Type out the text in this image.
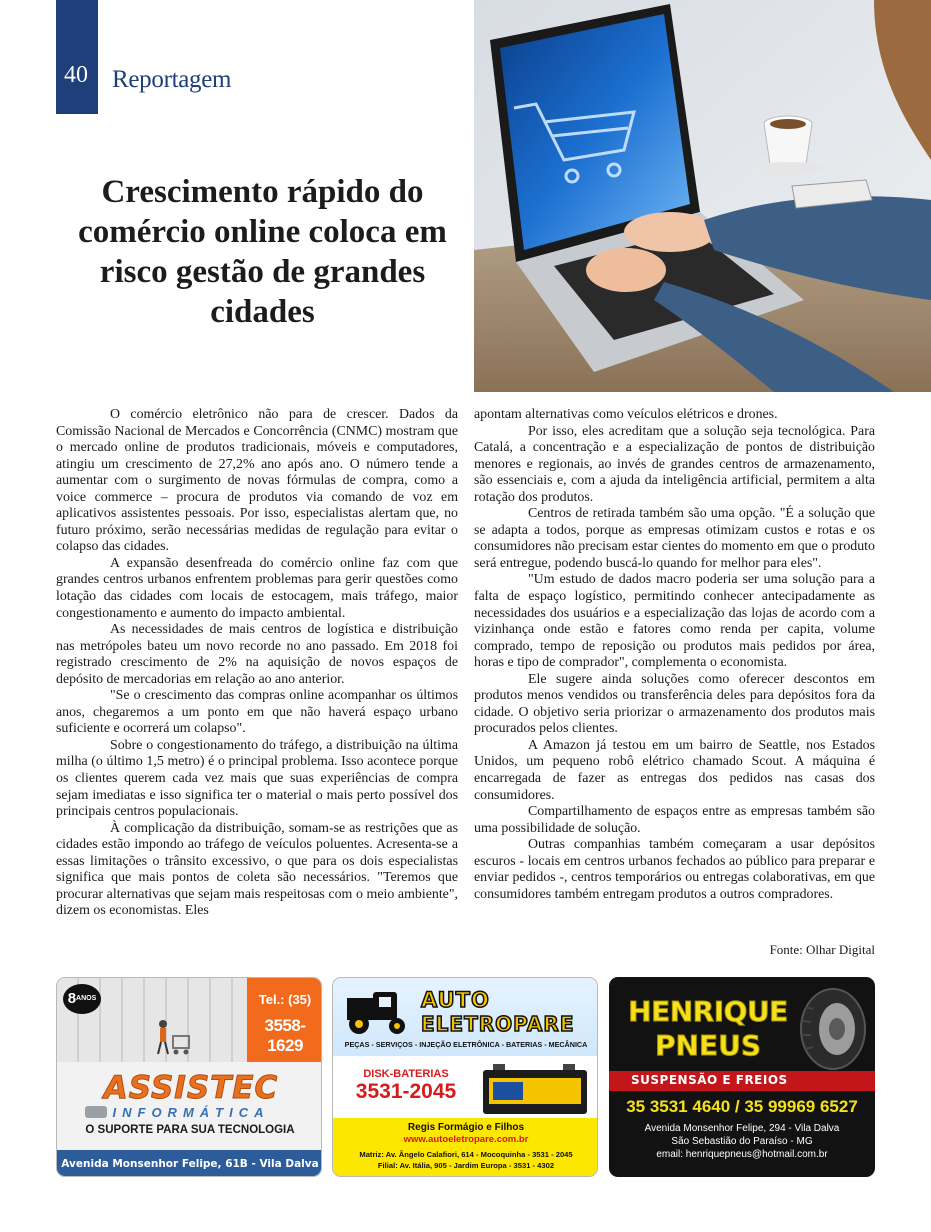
40 Reportagem
Crescimento rápido do comércio online coloca em risco gestão de grandes cidades

O comércio eletrônico não para de crescer. Dados da Comissão Nacional de Mercados e Concorrência (CNMC) mostram que o mercado online de produtos tradicionais, móveis e computadores, atingiu um crescimento de 27,2% ano após ano. O número tende a aumentar com o surgimento de novas fórmulas de compra, como a voice commerce – procura de produtos via comando de voz em aplicativos assistentes pessoais. Por isso, especialistas alertam que, no futuro próximo, serão necessárias medidas de regulação para evitar o colapso das cidades.

A expansão desenfreada do comércio online faz com que grandes centros urbanos enfrentem problemas para gerir questões como lotação das cidades com locais de estocagem, mais tráfego, maior congestionamento e aumento do impacto ambiental.

As necessidades de mais centros de logística e distribuição nas metrópoles bateu um novo recorde no ano passado. Em 2018 foi registrado crescimento de 2% na aquisição de novos espaços de depósito de mercadorias em relação ao ano anterior.

"Se o crescimento das compras online acompanhar os últimos anos, chegaremos a um ponto em que não haverá espaço urbano suficiente e ocorrerá um colapso".

Sobre o congestionamento do tráfego, a distribuição na última milha (o último 1,5 metro) é o principal problema. Isso acontece porque os clientes querem cada vez mais que suas experiências de compra sejam imediatas e isso significa ter o material o mais perto possível dos principais centros populacionais.

À complicação da distribuição, somam-se as restrições que as cidades estão impondo ao tráfego de veículos poluentes. Acresenta-se a essas limitações o trânsito excessivo, o que para os dois especialistas significa que mais pontos de coleta são necessários. "Teremos que procurar alternativas que sejam mais respeitosas com o meio ambiente", dizem os economistas. Eles

apontam alternativas como veículos elétricos e drones.

Por isso, eles acreditam que a solução seja tecnológica. Para Catalá, a concentração e a especialização de pontos de distribuição menores e regionais, ao invés de grandes centros de armazenamento, são essenciais e, com a ajuda da inteligência artificial, permitem a alta rotação dos produtos.

Centros de retirada também são uma opção. "É a solução que se adapta a todos, porque as empresas otimizam custos e rotas e os consumidores não precisam estar cientes do momento em que o produto será entregue, podendo buscá-lo quando for melhor para eles".

"Um estudo de dados macro poderia ser uma solução para a falta de espaço logístico, permitindo conhecer antecipadamente as necessidades dos usuários e a especialização das lojas de acordo com a vizinhança onde estão e fatores como renda per capita, volume comprado, tempo de reposição ou produtos mais pedidos por área, horas e tipo de comprador", complementa o economista.

Ele sugere ainda soluções como oferecer descontos em produtos menos vendidos ou transferência deles para depósitos fora da cidade. O objetivo seria priorizar o armazenamento dos produtos mais procurados pelos clientes.

A Amazon já testou em um bairro de Seattle, nos Estados Unidos, um pequeno robô elétrico chamado Scout. A máquina é encarregada de fazer as entregas dos pedidos nas casas dos consumidores.

Compartilhamento de espaços entre as empresas também são uma possibilidade de solução.

Outras companhias também começaram a usar depósitos escuros - locais em centros urbanos fechados ao público para preparar e enviar pedidos -, centros temporários ou entregas colaborativas, em que consumidores também entregam produtos a outros compradores.

Fonte: Olhar Digital
$8^{ANOS}$	Tel.: (35)
3558-1629
ASSISTEC
INFORMÁTICA
O SUPORTE PARA SUA TECNOLOGIA
Avenida Monsenhor Felipe, 61B - Vila Dalva
AUTO
ELETROPARE
PEÇAS - SERVIÇOS - INJEÇÃO ELETRÔNICA - BATERIAS - MECÂNICA
DISK-BATERIAS
3531-2045
Regis Formágio e Filhos
www.autoeletropare.com.br
Matriz: Av. Ângelo Calafiori, 614 - Mocoquinha - 3531 - 2045
Filial: Av. Itália, 905 - Jardim Europa - 3531 - 4302
HENRIQUE
PNEUS
SUSPENSÃO E FREIOS
35 3531 4640 / 35 99969 6527
Avenida Monsenhor Felipe, 294 - Vila Dalva
São Sebastião do Paraíso - MG
email: henriquepneus@hotmail.com.br
